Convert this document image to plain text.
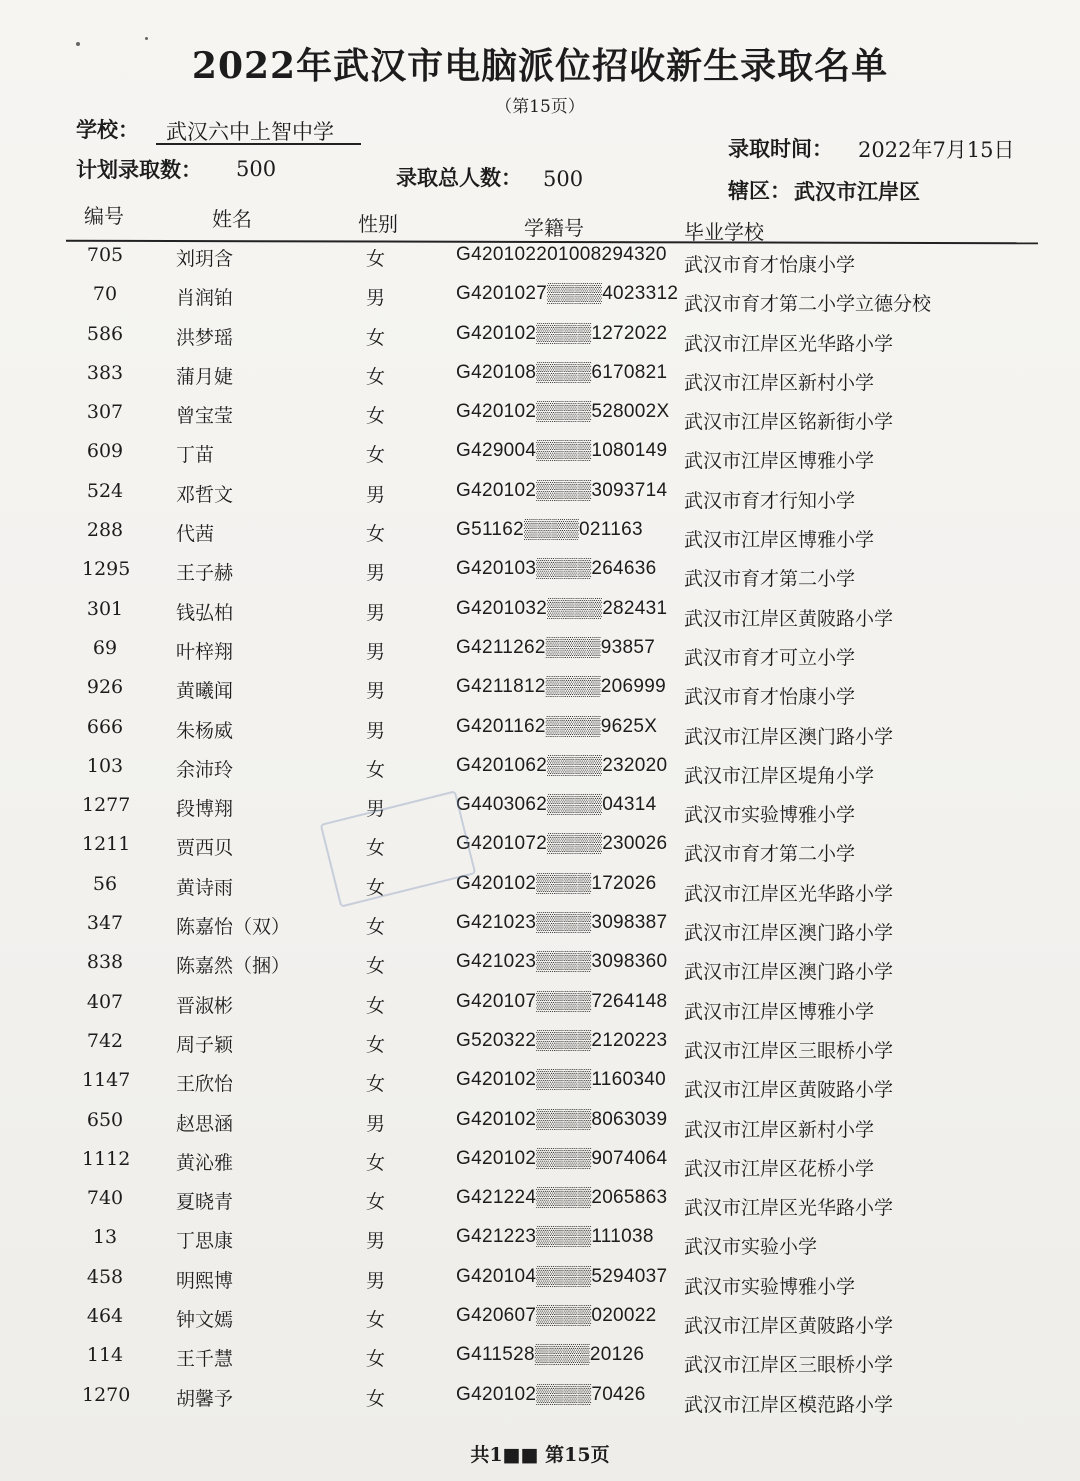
2022年武汉市电脑派位招收新生录取名单
（第15页）
学校： 武汉六中上智中学
计划录取数： 500	录取总人数： 500
录取时间： 2022年7月15日
辖区： 武汉市江岸区
编号	姓名	性别	学籍号	毕业学校
705	刘玥含	女	G420102201008294320 武汉市育才怡康小学
70	肖润铂	男	G4201027▒▒▒▒4023312 武汉市育才第二小学立德分校
586	洪梦瑶	女	G420102▒▒▒▒1272022 武汉市江岸区光华路小学
383	蒲月婕	女	G420108▒▒▒▒6170821 武汉市江岸区新村小学
307	曾宝莹	女	G420102▒▒▒▒528002X 武汉市江岸区铭新街小学
609	丁苗	女	G429004▒▒▒▒1080149 武汉市江岸区博雅小学
524	邓哲文	男	G420102▒▒▒▒3093714 武汉市育才行知小学
288	代茜	女	G51162▒▒▒▒021163 武汉市江岸区博雅小学
1295 王子赫	男	G420103▒▒▒▒264636 武汉市育才第二小学
301	钱弘柏	男	G4201032▒▒▒▒282431 武汉市江岸区黄陂路小学
69	叶梓翔	男	G4211262▒▒▒▒93857 武汉市育才可立小学
926	黄曦闻	男	G4211812▒▒▒▒206999 武汉市育才怡康小学
666	朱杨威	男	G4201162▒▒▒▒9625X 武汉市江岸区澳门路小学
103	余沛玲	女	G4201062▒▒▒▒232020 武汉市江岸区堤角小学
1277 段博翔	男	G4403062▒▒▒▒04314 武汉市实验博雅小学
1211 贾西贝	女	G4201072▒▒▒▒230026 武汉市育才第二小学
56	黄诗雨	女	G420102▒▒▒▒172026 武汉市江岸区光华路小学
347	陈嘉怡（双）	女	G421023▒▒▒▒3098387 武汉市江岸区澳门路小学
838	陈嘉然（捆）	女	G421023▒▒▒▒3098360 武汉市江岸区澳门路小学
407	晋淑彬	女	G420107▒▒▒▒7264148 武汉市江岸区博雅小学
742	周子颖	女	G520322▒▒▒▒2120223 武汉市江岸区三眼桥小学
1147 王欣怡	女	G420102▒▒▒▒1160340 武汉市江岸区黄陂路小学
650	赵思涵	男	G420102▒▒▒▒8063039 武汉市江岸区新村小学
1112 黄沁雅	女	G420102▒▒▒▒9074064 武汉市江岸区花桥小学
740	夏晓青	女	G421224▒▒▒▒2065863 武汉市江岸区光华路小学
13	丁思康	男	G421223▒▒▒▒111038 武汉市实验小学
458	明熙博	男	G420104▒▒▒▒5294037 武汉市实验博雅小学
464	钟文嫣	女	G420607▒▒▒▒020022 武汉市江岸区黄陂路小学
114	王千慧	女	G411528▒▒▒▒20126 武汉市江岸区三眼桥小学
1270 胡馨予	女	G420102▒▒▒▒70426 武汉市江岸区模范路小学
共1■■ 第15页
